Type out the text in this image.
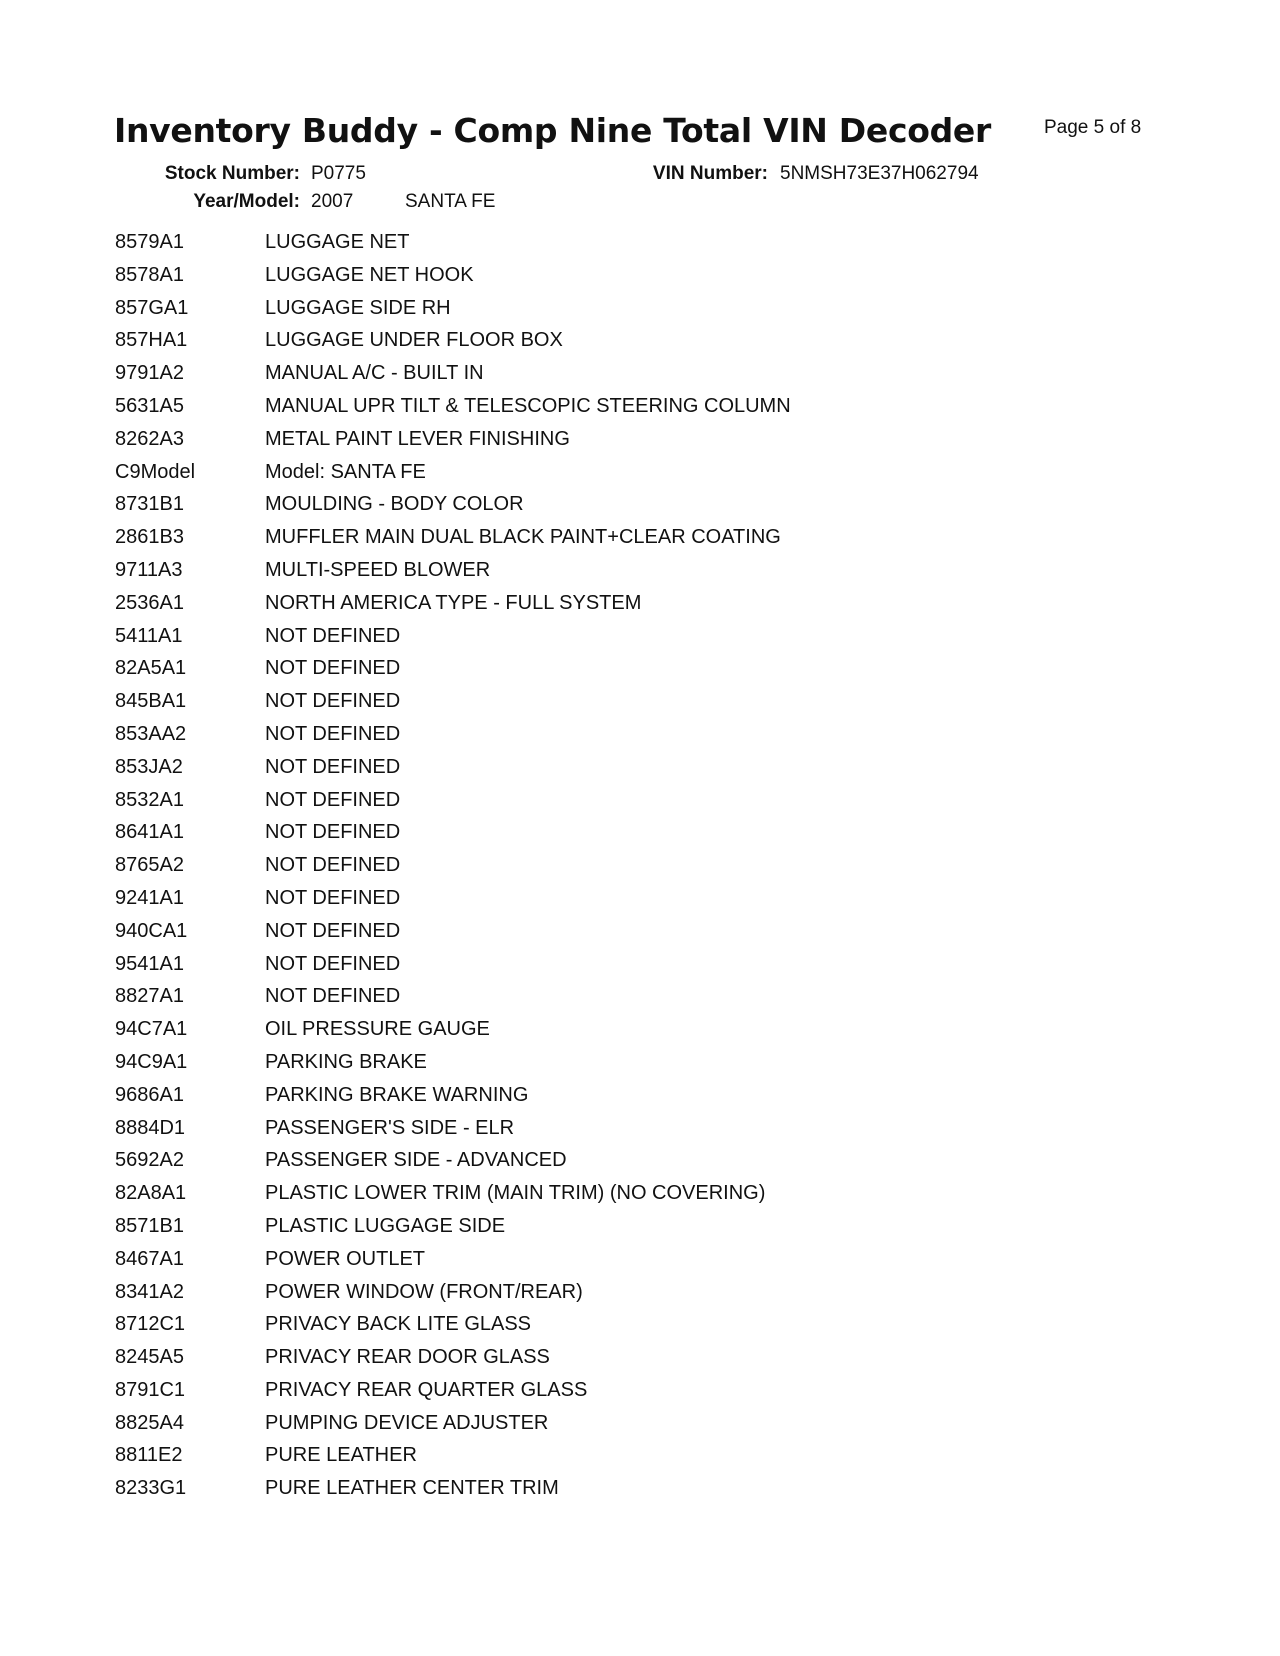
Inventory Buddy - Comp Nine Total VIN Decoder	Page 5 of 8
Stock Number: P0775
Year/Model: 2007	SANTA FE
VIN Number: 5NMSH73E37H062794
8579A1	LUGGAGE NET
8578A1	LUGGAGE NET HOOK
857GA1	LUGGAGE SIDE RH
857HA1	LUGGAGE UNDER FLOOR BOX
9791A2	MANUAL A/C - BUILT IN
5631A5	MANUAL UPR TILT & TELESCOPIC STEERING COLUMN
8262A3	METAL PAINT LEVER FINISHING
C9Model	Model: SANTA FE
8731B1	MOULDING - BODY COLOR
2861B3	MUFFLER MAIN DUAL BLACK PAINT+CLEAR COATING
9711A3	MULTI-SPEED BLOWER
2536A1	NORTH AMERICA TYPE - FULL SYSTEM
5411A1	NOT DEFINED
82A5A1	NOT DEFINED
845BA1	NOT DEFINED
853AA2	NOT DEFINED
853JA2	NOT DEFINED
8532A1	NOT DEFINED
8641A1	NOT DEFINED
8765A2	NOT DEFINED
9241A1	NOT DEFINED
940CA1	NOT DEFINED
9541A1	NOT DEFINED
8827A1	NOT DEFINED
94C7A1	OIL PRESSURE GAUGE
94C9A1	PARKING BRAKE
9686A1	PARKING BRAKE WARNING
8884D1	PASSENGER'S SIDE - ELR
5692A2	PASSENGER SIDE - ADVANCED
82A8A1	PLASTIC LOWER TRIM (MAIN TRIM) (NO COVERING)
8571B1	PLASTIC LUGGAGE SIDE
8467A1	POWER OUTLET
8341A2	POWER WINDOW (FRONT/REAR)
8712C1	PRIVACY BACK LITE GLASS
8245A5	PRIVACY REAR DOOR GLASS
8791C1	PRIVACY REAR QUARTER GLASS
8825A4	PUMPING DEVICE ADJUSTER
8811E2	PURE LEATHER
8233G1	PURE LEATHER CENTER TRIM
